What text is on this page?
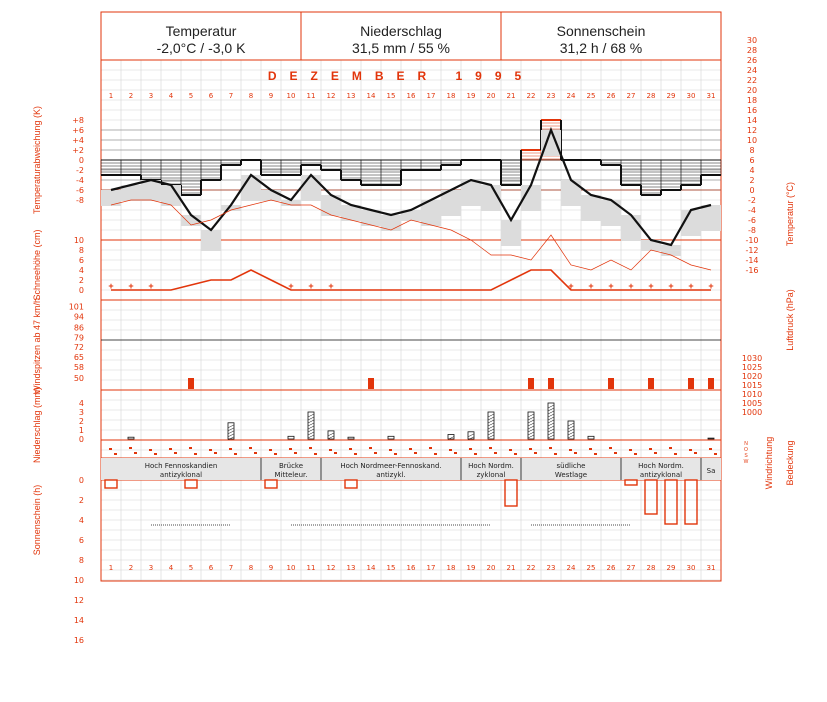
Temperatur
-2,0°C / -3,0 K
Niederschlag
31,5 mm / 55 %
Sonnenschein
31,2 h / 68 %
DEZEMBER 1995
1
1
2
2
3
3
4
4
5
5
6
6
7
7
8
8
9
9
10
10
11
11
12
12
13
13
14
14
15
15
16
16
17
17
18
18
19
19
20
20
21
21
22
22
23
23
24
24
25
25
26
26
27
27
28
28
29
29
30
30
31
31
+ + +	+ + +	+ + + + + + + +
+8
+6
+4
+2
0
-2
-4
-6
-8
30
28
26
24
22
20
18
16
14
12
10
8
6
4
2
0
-2
-4
-6
-8
-10
-12
-14
-16
10
8
6
4
2
0
101
94
86
79
72
65
58
50
1030
1025
1020
1015
1010
1005
1000
4
3
2
1
0	N
O
S
W
Hoch Fennoskandien
antizyklonal
Brücke
Mitteleur.
Hoch Nordmeer-Fennoskand.
antizykl.
Hoch Nordm.
zyklonal
südliche
Westlage
Hoch Nordm.
antizyklonal	Sa
0
2
4
6
8
10
12
14
16
Temperaturabweichung (K)
Schneehöhe (cm)
Windspitzen ab 47 km/h
Niederschlag (mm)
Sonnenschein (h)
Temperatur (°C)
Luftdruck (hPa)
Windrichtung Bedeckung
